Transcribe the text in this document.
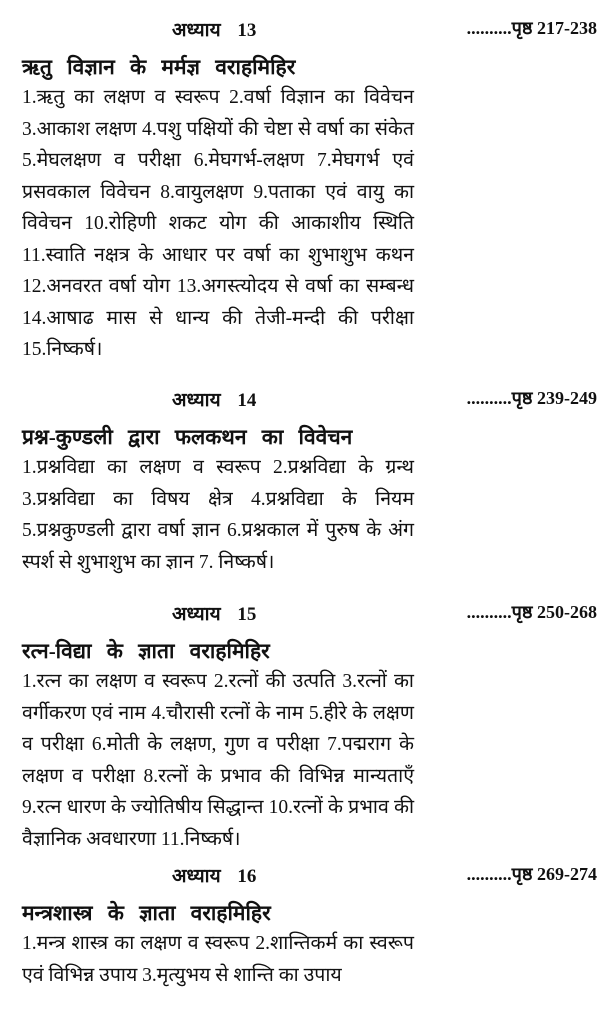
अध्याय 13	..........पृष्ठ 217-238
ऋतु विज्ञान के मर्मज्ञ वराहमिहिर

1.ऋतु का लक्षण व स्वरूप 2.वर्षा विज्ञान का विवेचन 3.आकाश लक्षण 4.पशु पक्षियों की चेष्टा से वर्षा का संकेत 5.मेघलक्षण व परीक्षा 6.मेघगर्भ-लक्षण 7.मेघगर्भ एवं प्रसवकाल विवेचन 8.वायुलक्षण 9.पताका एवं वायु का विवेचन 10.रोहिणी शकट योग की आकाशीय स्थिति 11.स्वाति नक्षत्र के आधार पर वर्षा का शुभाशुभ कथन 12.अनवरत वर्षा योग 13.अगस्त्योदय से वर्षा का सम्बन्ध 14.आषाढ मास से धान्य की तेजी-मन्दी की परीक्षा 15.निष्कर्ष।

अध्याय 14	..........पृष्ठ 239-249
प्रश्न-कुण्डली द्वारा फलकथन का विवेचन

1.प्रश्नविद्या का लक्षण व स्वरूप 2.प्रश्नविद्या के ग्रन्थ 3.प्रश्नविद्या का विषय क्षेत्र 4.प्रश्नविद्या के नियम 5.प्रश्नकुण्डली द्वारा वर्षा ज्ञान 6.प्रश्नकाल में पुरुष के अंग स्पर्श से शुभाशुभ का ज्ञान 7. निष्कर्ष।

अध्याय 15	..........पृष्ठ 250-268
रत्न-विद्या के ज्ञाता वराहमिहिर

1.रत्न का लक्षण व स्वरूप 2.रत्नों की उत्पति 3.रत्नों का वर्गीकरण एवं नाम 4.चौरासी रत्नों के नाम 5.हीरे के लक्षण व परीक्षा 6.मोती के लक्षण, गुण व परीक्षा 7.पद्मराग के लक्षण व परीक्षा 8.रत्नों के प्रभाव की विभिन्न मान्यताएँ 9.रत्न धारण के ज्योतिषीय सिद्धान्त 10.रत्नों के प्रभाव की वैज्ञानिक अवधारणा 11.निष्कर्ष।

अध्याय 16	..........पृष्ठ 269-274
मन्त्रशास्त्र के ज्ञाता वराहमिहिर

1.मन्त्र शास्त्र का लक्षण व स्वरूप 2.शान्तिकर्म का स्वरूप एवं विभिन्न उपाय 3.मृत्युभय से शान्ति का उपाय
